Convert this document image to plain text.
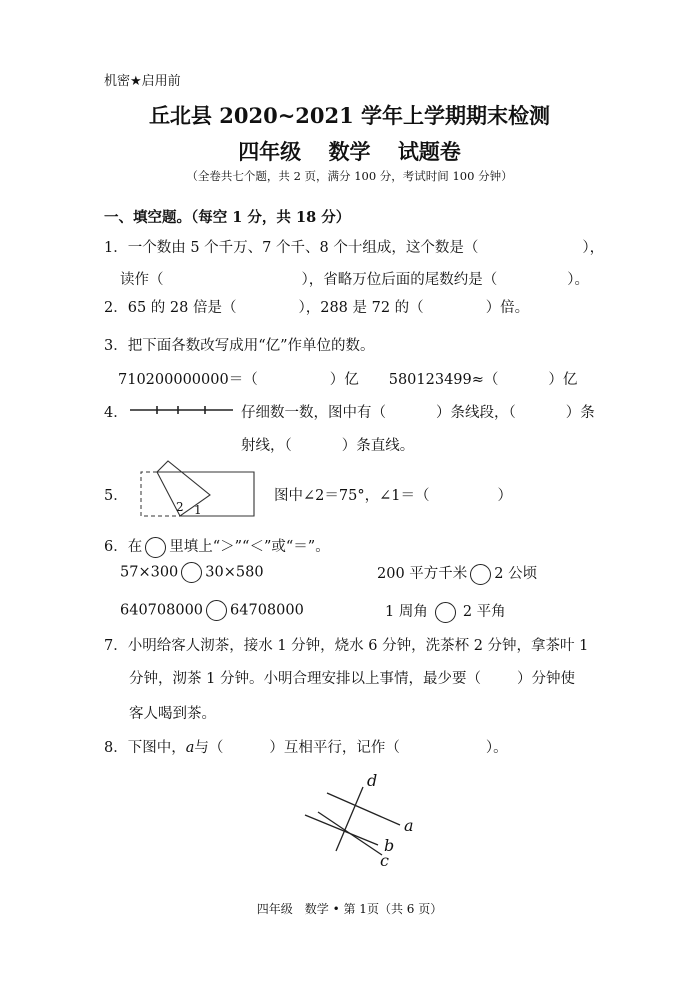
机密★启用前
丘北县 2020~2021 学年上学期期末检测
四年级 数学 试题卷
（全卷共七个题，共 2 页，满分 100 分，考试时间 100 分钟）
一、填空题。（每空 1 分，共 18 分）
1．一个数由 5 个千万、7 个千、8 个十组成，这个数是（	），
读作（	），省略万位后面的尾数约是（	）。
2．65 的 28 倍是（	），288 是 72 的（	）倍。
3．把下面各数改写成用“亿”作单位的数。
710200000000＝（	）亿 580123499≈（	）亿
4．	仔细数一数，图中有（	）条线段，（	）条
射线，（	）条直线。
5．
2 1
图中∠2＝75°，∠1＝（	）
6．在 里填上“＞”“＜”或“＝”。
57×300 30×580	200 平方千米 2 公顷
640708000 64708000	1 周角 2 平角
7．小明给客人沏茶，接水 1 分钟，烧水 6 分钟，洗茶杯 2 分钟，拿茶叶 1
分钟，沏茶 1 分钟。小明合理安排以上事情，最少要（ ）分钟使
客人喝到茶。
8．下图中，a与（	）互相平行，记作（	）。
d
a
b
c
四年级　数学 • 第 1页（共 6 页）
